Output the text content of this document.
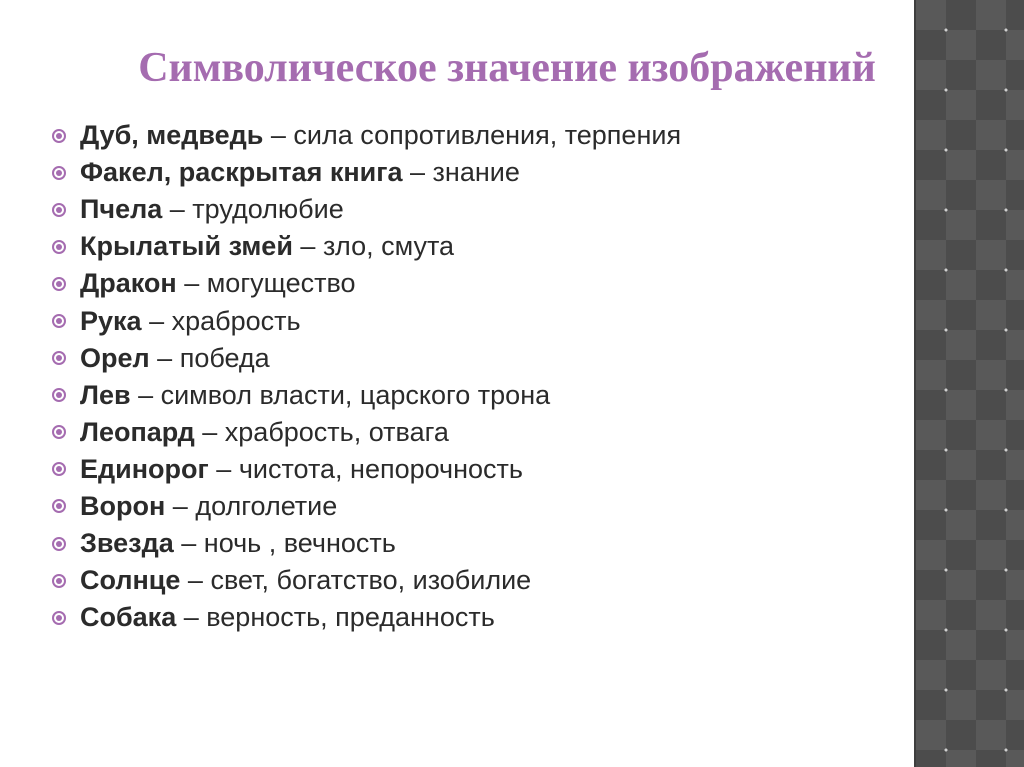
Символическое значение изображений
Дуб, медведь – сила сопротивления, терпения
Факел, раскрытая книга – знание
Пчела – трудолюбие
Крылатый змей – зло, смута
Дракон – могущество
Рука – храбрость
Орел – победа
Лев – символ власти, царского трона
Леопард – храбрость, отвага
Единорог – чистота, непорочность
Ворон – долголетие
Звезда – ночь , вечность
Солнце – свет, богатство, изобилие
Собака – верность, преданность
